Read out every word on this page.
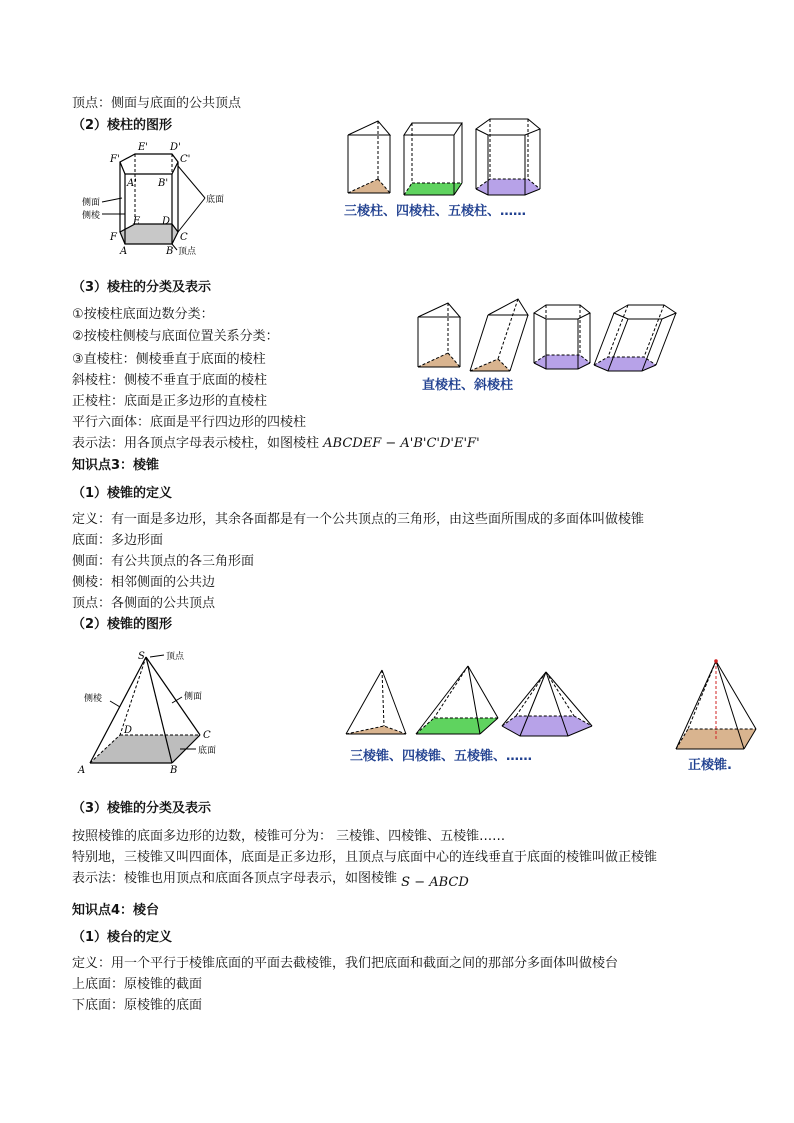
顶点：侧面与底面的公共顶点
（2）棱柱的图形
E' D'
F'	C'
A' B'
E D
F	C
A	B
侧面
侧棱
底面
顶点
三棱柱、四棱柱、五棱柱、……
（3）棱柱的分类及表示
①按棱柱底面边数分类：
②按棱柱侧棱与底面位置关系分类：
③直棱柱：侧棱垂直于底面的棱柱
斜棱柱：侧棱不垂直于底面的棱柱
正棱柱：底面是正多边形的直棱柱
平行六面体：底面是平行四边形的四棱柱
表示法：用各顶点字母表示棱柱，如图棱柱 ABCDEF − A'B'C'D'E'F'
直棱柱、斜棱柱
知识点3：棱锥
（1）棱锥的定义
定义：有一面是多边形，其余各面都是有一个公共顶点的三角形，由这些面所围成的多面体叫做棱锥
底面：多边形面
侧面：有公共顶点的各三角形面
侧棱：相邻侧面的公共边
顶点：各侧面的公共顶点
（2）棱锥的图形
S
D	C
A	B
顶点
侧棱	侧面
底面	三棱锥、四棱锥、五棱锥、……
正棱锥.
（3）棱锥的分类及表示
按照棱锥的底面多边形的边数，棱锥可分为： 三棱锥、四棱锥、五棱锥……
特别地，三棱锥又叫四面体，底面是正多边形，且顶点与底面中心的连线垂直于底面的棱锥叫做正棱锥
表示法：棱锥也用顶点和底面各顶点字母表示，如图棱锥 S − ABCD
知识点4：棱台
（1）棱台的定义
定义：用一个平行于棱锥底面的平面去截棱锥，我们把底面和截面之间的那部分多面体叫做棱台
上底面：原棱锥的截面
下底面：原棱锥的底面
